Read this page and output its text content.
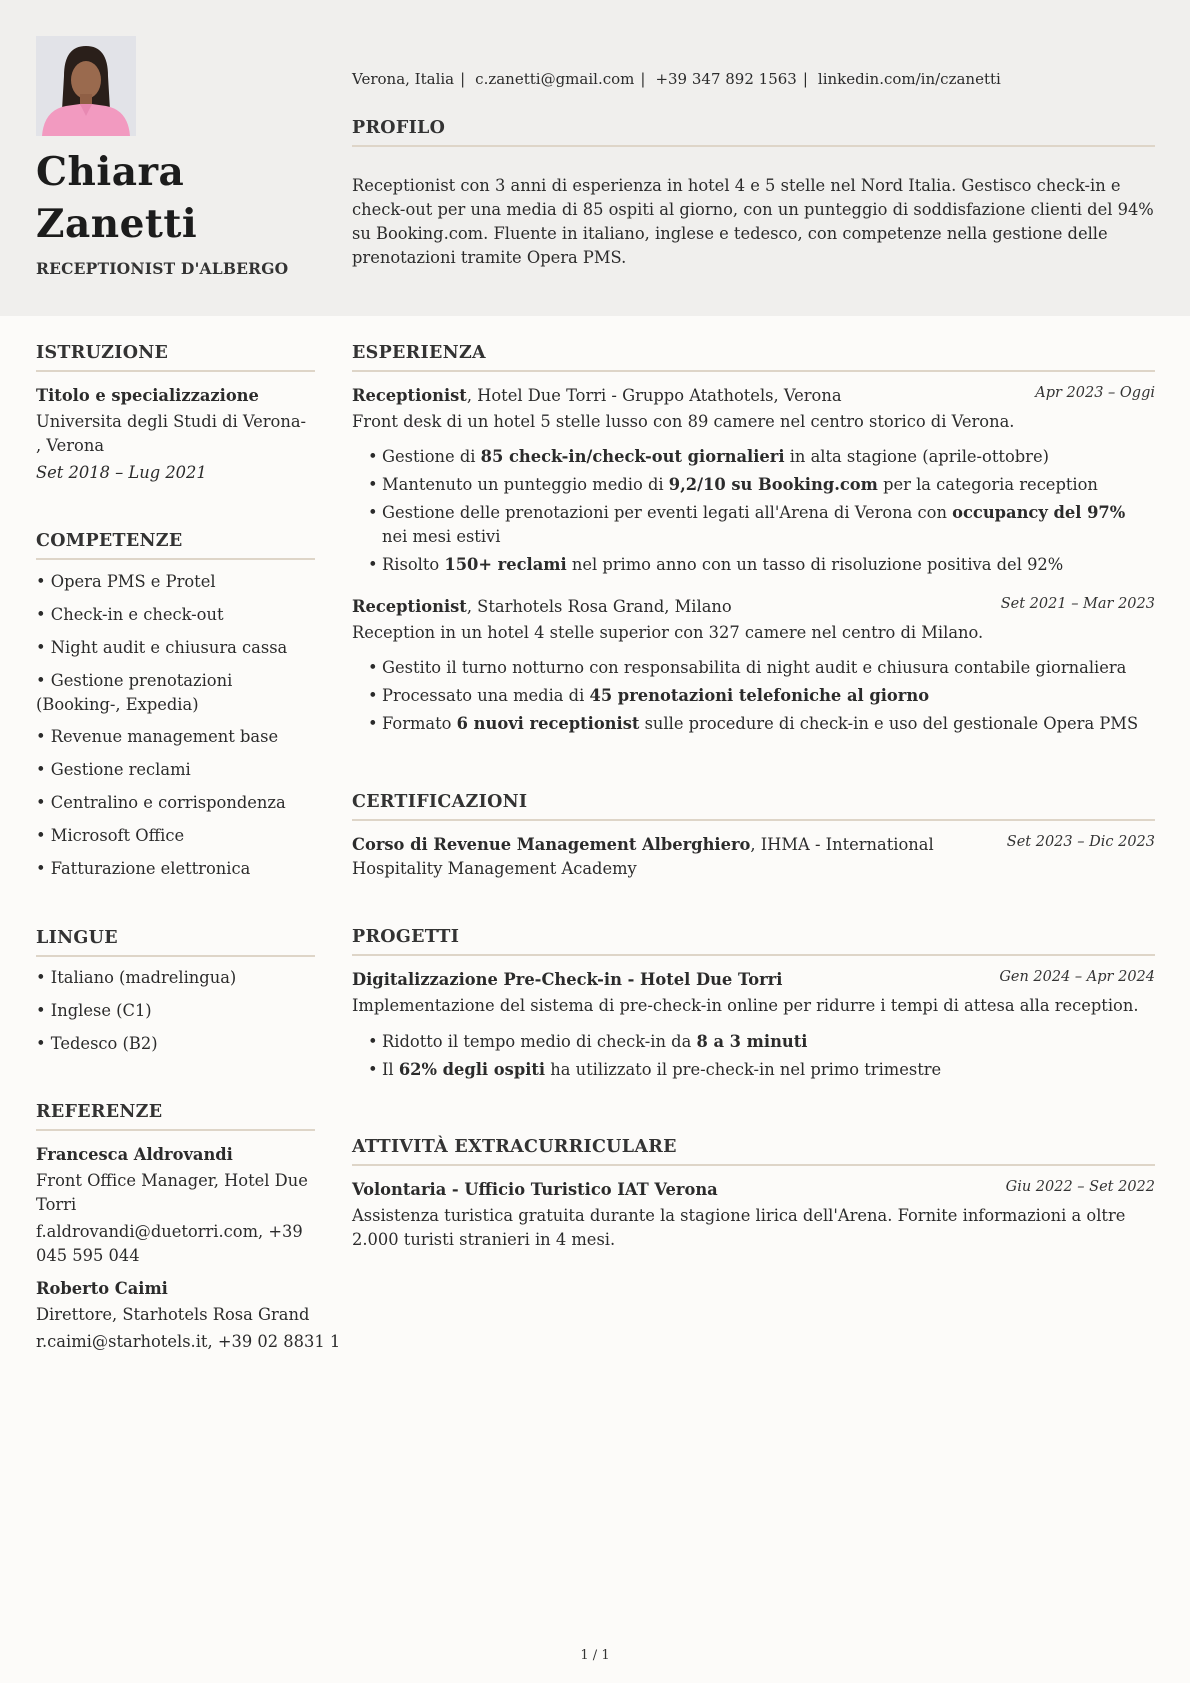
Chiara
Zanetti
RECEPTIONIST D'ALBERGO
Verona, Italia | c.zanetti@gmail.com | +39 347 892 1563 | linkedin.com/in/czanetti
PROFILO
Receptionist con 3 anni di esperienza in hotel 4 e 5 stelle nel Nord Italia. Gestisco check-in e check-out per una media di 85 ospiti al giorno, con un punteggio di soddisfazione clienti del 94% su Booking.com. Fluente in italiano, inglese e tedesco, con competenze nella gestione delle prenotazioni tramite Opera PMS.
ISTRUZIONE
COMPETENZE
LINGUE
REFERENZE
Titolo e specializzazione
Universita degli Studi di Verona- , Verona
Set 2018 – Lug 2021
• Opera PMS e Protel
• Check-in e check-out
• Night audit e chiusura cassa
• Gestione prenotazioni (Booking-, Expedia)
• Revenue management base
• Gestione reclami
• Centralino e corrispondenza
• Microsoft Office
• Fatturazione elettronica
• Italiano (madrelingua)
• Inglese (C1)
• Tedesco (B2)
Francesca Aldrovandi
Front Office Manager, Hotel Due Torri
f.aldrovandi@duetorri.com, +39 045 595 044
Roberto Caimi
Direttore, Starhotels Rosa Grand
r.caimi@starhotels.it, +39 02 8831 1
ESPERIENZA
CERTIFICAZIONI
PROGETTI
ATTIVITÀ EXTRACURRICULARE
Receptionist, Hotel Due Torri - Gruppo Atathotels, Verona	Apr 2023 – Oggi
Front desk di un hotel 5 stelle lusso con 89 camere nel centro storico di Verona.
• Gestione di 85 check-in/check-out giornalieri in alta stagione (aprile-ottobre)
• Mantenuto un punteggio medio di 9,2/10 su Booking.com per la categoria reception
• Gestione delle prenotazioni per eventi legati all'Arena di Verona con occupancy del 97% nei mesi estivi
• Risolto 150+ reclami nel primo anno con un tasso di risoluzione positiva del 92%
Receptionist, Starhotels Rosa Grand, Milano	Set 2021 – Mar 2023
Reception in un hotel 4 stelle superior con 327 camere nel centro di Milano.
• Gestito il turno notturno con responsabilita di night audit e chiusura contabile giornaliera
• Processato una media di 45 prenotazioni telefoniche al giorno
• Formato 6 nuovi receptionist sulle procedure di check-in e uso del gestionale Opera PMS
Corso di Revenue Management Alberghiero, IHMA - International Hospitality Management Academy
Set 2023 – Dic 2023
Digitalizzazione Pre-Check-in - Hotel Due Torri	Gen 2024 – Apr 2024
Implementazione del sistema di pre-check-in online per ridurre i tempi di attesa alla reception.
• Ridotto il tempo medio di check-in da 8 a 3 minuti
• Il 62% degli ospiti ha utilizzato il pre-check-in nel primo trimestre
Volontaria - Ufficio Turistico IAT Verona	Giu 2022 – Set 2022
Assistenza turistica gratuita durante la stagione lirica dell'Arena. Fornite informazioni a oltre 2.000 turisti stranieri in 4 mesi.
1 / 1
